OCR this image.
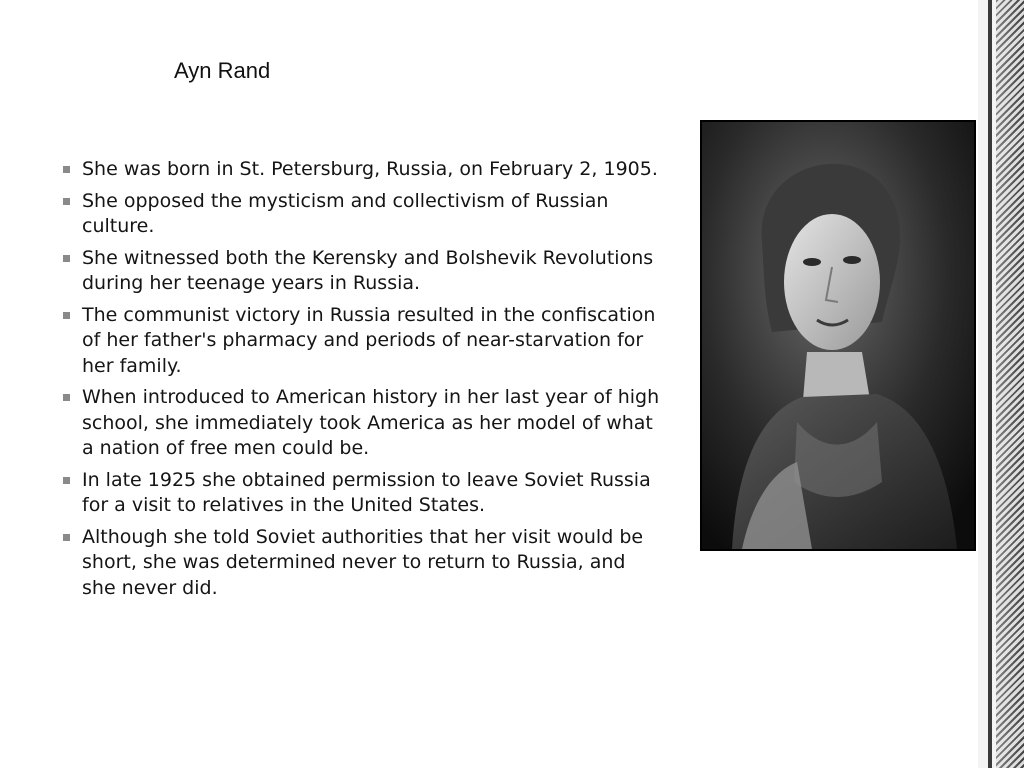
Ayn Rand
She was born in St. Petersburg, Russia, on February 2, 1905.
She opposed the mysticism and collectivism of Russian culture.
She witnessed both the Kerensky and Bolshevik Revolutions during her teenage years in Russia.
The communist victory in Russia resulted in the confiscation of her father's pharmacy and periods of near-starvation for her family.
When introduced to American history in her last year of high school, she immediately took America as her model of what a nation of free men could be.
In late 1925 she obtained permission to leave Soviet Russia for a visit to relatives in the United States.
Although she told Soviet authorities that her visit would be short, she was determined never to return to Russia, and she never did.
